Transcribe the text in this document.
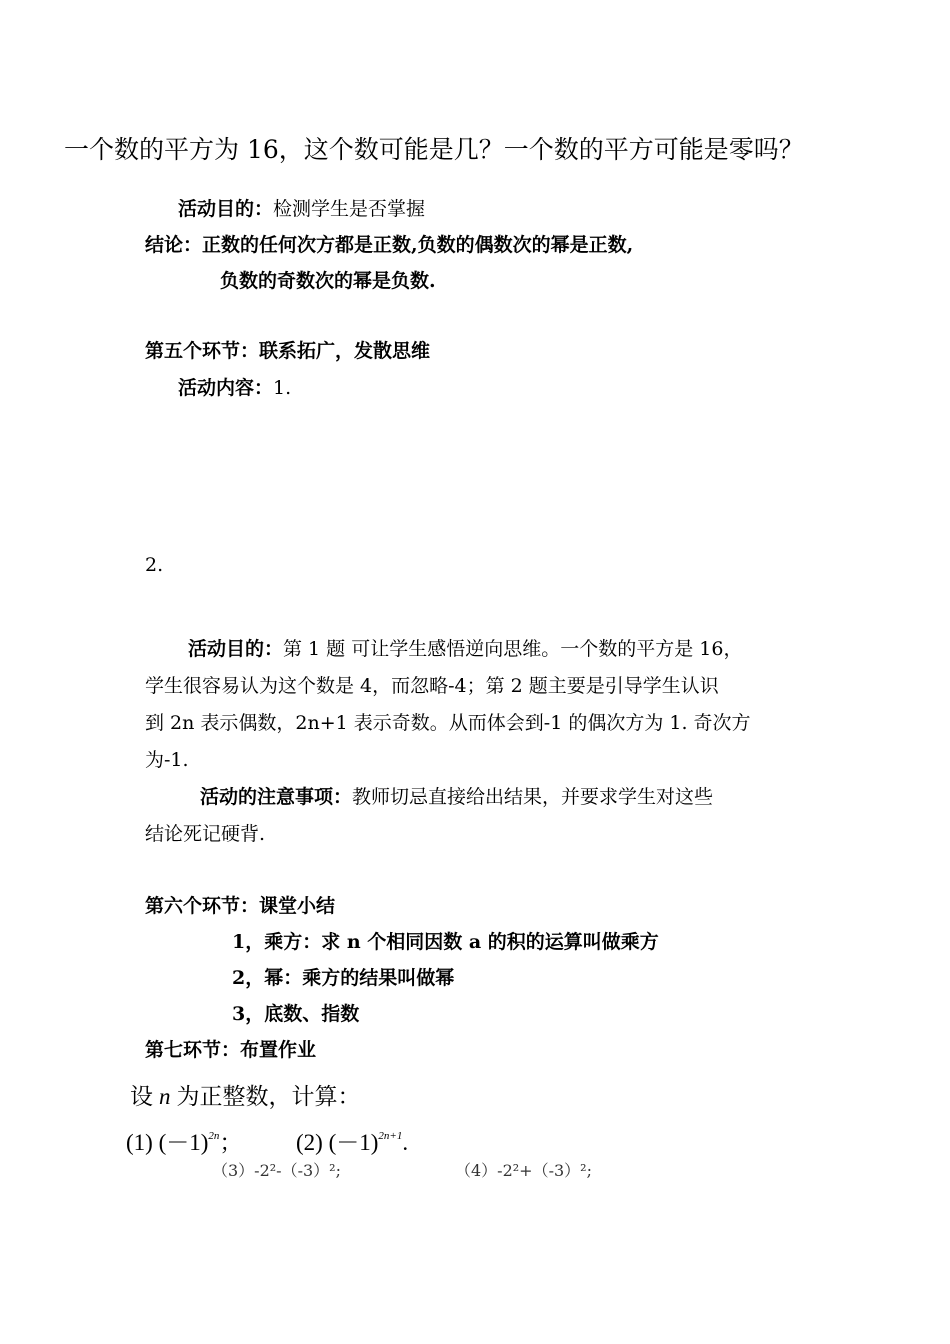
一个数的平方为 16，这个数可能是几？一个数的平方可能是零吗？
活动目的：检测学生是否掌握
结论：正数的任何次方都是正数,负数的偶数次的幂是正数,
负数的奇数次的幂是负数.
第五个环节：联系拓广，发散思维
活动内容：1.
2.
活动目的：第 1 题 可让学生感悟逆向思维。一个数的平方是 16，
学生很容易认为这个数是 4，而忽略-4；第 2 题主要是引导学生认识
到 2n 表示偶数，2n+1 表示奇数。从而体会到-1 的偶次方为 1. 奇次方
为-1.
活动的注意事项：教师切忌直接给出结果，并要求学生对这些
结论死记硬背.
第六个环节：课堂小结
1，乘方：求 n 个相同因数 a 的积的运算叫做乘方
2，幂：乘方的结果叫做幂
3，底数、指数
第七环节：布置作业
设 n 为正整数，计算：
(1) $(-1)^{2n}$； (2) $(-1)^{2n+1}$.
（3）-2²-（-3）²;	（4）-2²+（-3）²;
